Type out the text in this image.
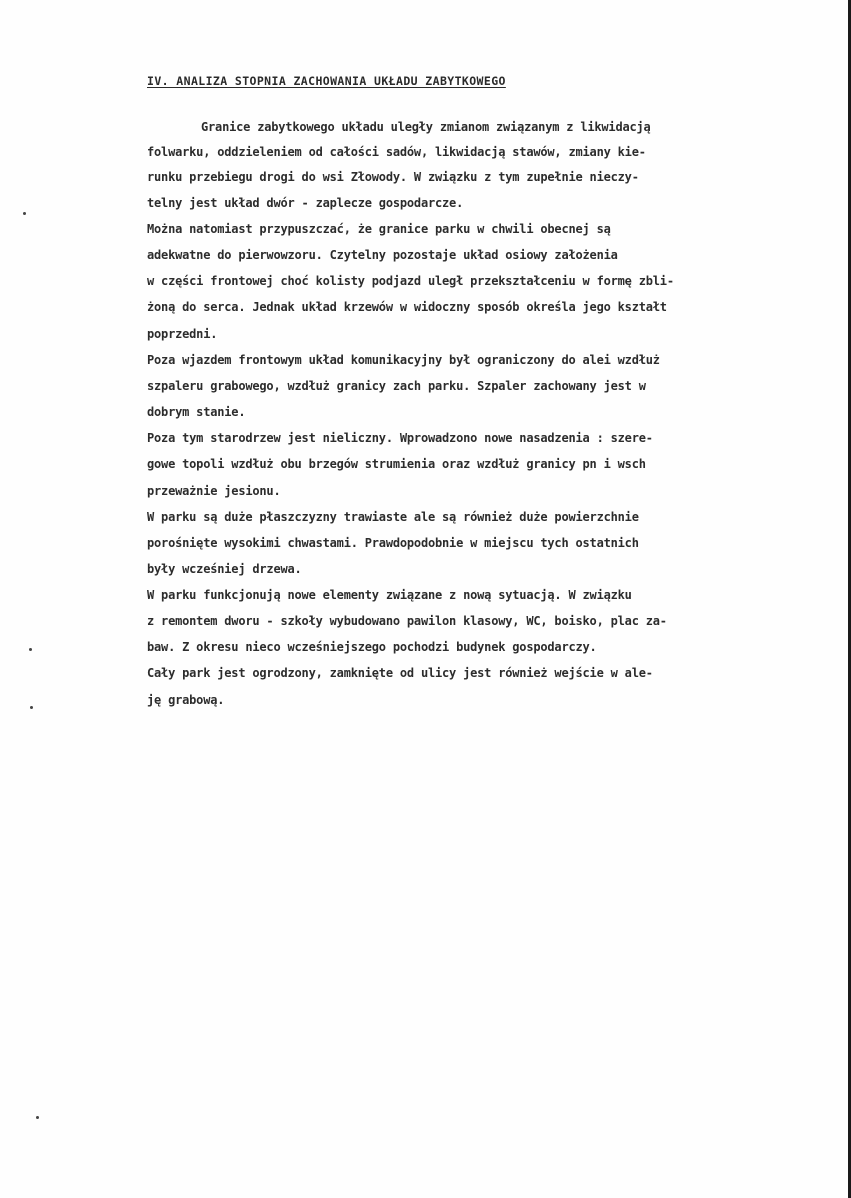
IV. ANALIZA STOPNIA ZACHOWANIA UKŁADU ZABYTKOWEGO
Granice zabytkowego układu uległy zmianom związanym z likwidacją
folwarku, oddzieleniem od całości sadów, likwidacją stawów, zmiany kie-
runku przebiegu drogi do wsi Złowody. W związku z tym zupełnie nieczy-
telny jest układ dwór - zaplecze gospodarcze.
Można natomiast przypuszczać, że granice parku w chwili obecnej są
adekwatne do pierwowzoru. Czytelny pozostaje układ osiowy założenia
w części frontowej choć kolisty podjazd uległ przekształceniu w formę zbli-
żoną do serca. Jednak układ krzewów w widoczny sposób określa jego kształt
poprzedni.
Poza wjazdem frontowym układ komunikacyjny był ograniczony do alei wzdłuż
szpaleru grabowego, wzdłuż granicy zach parku. Szpaler zachowany jest w
dobrym stanie.
Poza tym starodrzew jest nieliczny. Wprowadzono nowe nasadzenia : szere-
gowe topoli wzdłuż obu brzegów strumienia oraz wzdłuż granicy pn i wsch
przeważnie jesionu.
W parku są duże płaszczyzny trawiaste ale są również duże powierzchnie
porośnięte wysokimi chwastami. Prawdopodobnie w miejscu tych ostatnich
były wcześniej drzewa.
W parku funkcjonują nowe elementy związane z nową sytuacją. W związku
z remontem dworu - szkoły wybudowano pawilon klasowy, WC, boisko, plac za-
baw. Z okresu nieco wcześniejszego pochodzi budynek gospodarczy.
Cały park jest ogrodzony, zamknięte od ulicy jest również wejście w ale-
ję grabową.
